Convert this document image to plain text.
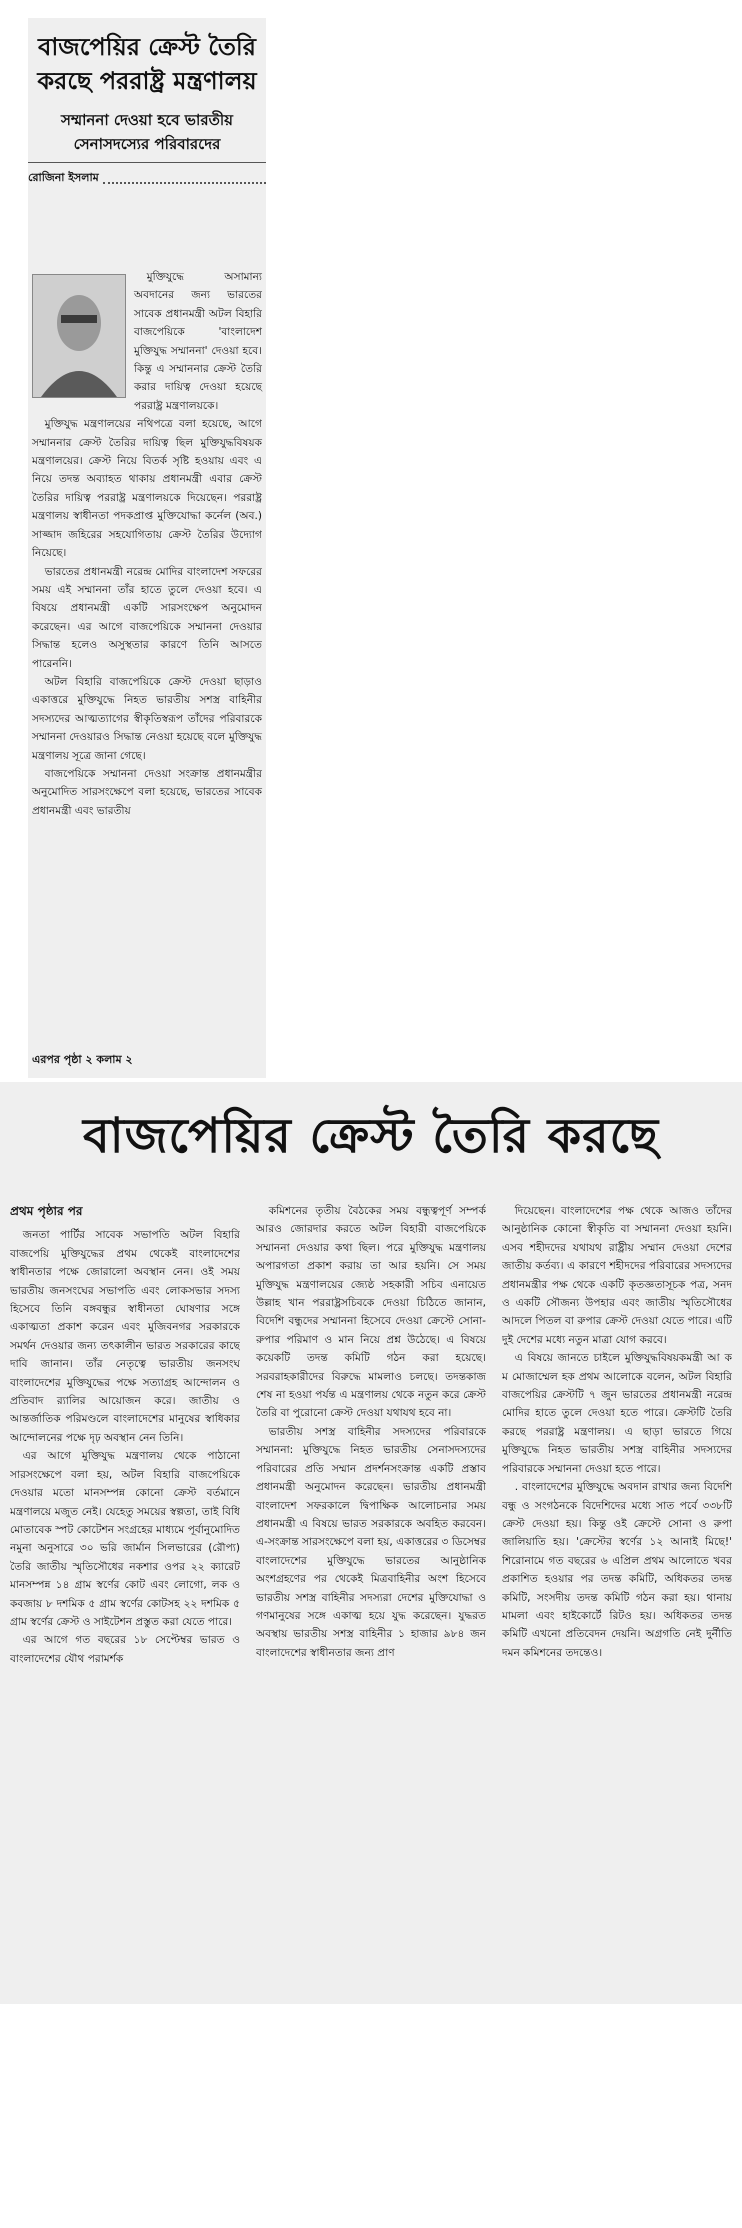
বাজপেয়ির ক্রেস্ট তৈরি করছে পররাষ্ট্র মন্ত্রণালয়
সম্মাননা দেওয়া হবে ভারতীয় সেনাসদস্যের পরিবারদের
রোজিনা ইসলাম

মুক্তিযুদ্ধে অসামান্য অবদানের জন্য ভারতের সাবেক প্রধানমন্ত্রী অটল বিহারি বাজপেয়িকে 'বাংলাদেশ মুক্তিযুদ্ধ সম্মাননা' দেওয়া হবে। কিন্তু এ সম্মাননার ক্রেস্ট তৈরি করার দায়িত্ব দেওয়া হয়েছে পররাষ্ট্র মন্ত্রণালয়কে।

মুক্তিযুদ্ধ মন্ত্রণালয়ের নথিপত্রে বলা হয়েছে, আগে সম্মাননার ক্রেস্ট তৈরির দায়িত্ব ছিল মুক্তিযুদ্ধবিষয়ক মন্ত্রণালয়ের। ক্রেস্ট নিয়ে বিতর্ক সৃষ্টি হওয়ায় এবং এ নিয়ে তদন্ত অব্যাহত থাকায় প্রধানমন্ত্রী এবার ক্রেস্ট তৈরির দায়িত্ব পররাষ্ট্র মন্ত্রণালয়কে দিয়েছেন। পররাষ্ট্র মন্ত্রণালয় স্বাধীনতা পদকপ্রাপ্ত মুক্তিযোদ্ধা কর্নেল (অব.) সাজ্জাদ জহিরের সহযোগিতায় ক্রেস্ট তৈরির উদ্যোগ নিয়েছে।

ভারতের প্রধানমন্ত্রী নরেন্দ্র মোদির বাংলাদেশ সফরের সময় এই সম্মাননা তাঁর হাতে তুলে দেওয়া হবে। এ বিষয়ে প্রধানমন্ত্রী একটি সারসংক্ষেপ অনুমোদন করেছেন। এর আগে বাজপেয়িকে সম্মাননা দেওয়ার সিদ্ধান্ত হলেও অসুস্থতার কারণে তিনি আসতে পারেননি।

অটল বিহারি বাজপেয়িকে ক্রেস্ট দেওয়া ছাড়াও একাত্তরে মুক্তিযুদ্ধে নিহত ভারতীয় সশস্ত্র বাহিনীর সদস্যদের আত্মত্যাগের স্বীকৃতিস্বরূপ তাঁদের পরিবারকে সম্মাননা দেওয়ারও সিদ্ধান্ত নেওয়া হয়েছে বলে মুক্তিযুদ্ধ মন্ত্রণালয় সূত্রে জানা গেছে।

বাজপেয়িকে সম্মাননা দেওয়া সংক্রান্ত প্রধানমন্ত্রীর অনুমোদিত সারসংক্ষেপে বলা হয়েছে, ভারতের সাবেক প্রধানমন্ত্রী এবং ভারতীয়

এরপর পৃষ্ঠা ২ কলাম ২
বাজপেয়ির ক্রেস্ট তৈরি করছে
প্রথম পৃষ্ঠার পর

জনতা পার্টির সাবেক সভাপতি অটল বিহারি বাজপেয়ি মুক্তিযুদ্ধের প্রথম থেকেই বাংলাদেশের স্বাধীনতার পক্ষে জোরালো অবস্থান নেন। ওই সময় ভারতীয় জনসংঘের সভাপতি এবং লোকসভার সদস্য হিসেবে তিনি বঙ্গবন্ধুর স্বাধীনতা ঘোষণার সঙ্গে একাত্মতা প্রকাশ করেন এবং মুজিবনগর সরকারকে সমর্থন দেওয়ার জন্য তৎকালীন ভারত সরকারের কাছে দাবি জানান। তাঁর নেতৃত্বে ভারতীয় জনসংঘ বাংলাদেশের মুক্তিযুদ্ধের পক্ষে সত্যাগ্রহ আন্দোলন ও প্রতিবাদ র‍্যালির আয়োজন করে। জাতীয় ও আন্তর্জাতিক পরিমণ্ডলে বাংলাদেশের মানুষের স্বাধিকার আন্দোলনের পক্ষে দৃঢ় অবস্থান নেন তিনি।

এর আগে মুক্তিযুদ্ধ মন্ত্রণালয় থেকে পাঠানো সারসংক্ষেপে বলা হয়, অটল বিহারি বাজপেয়িকে দেওয়ার মতো মানসম্পন্ন কোনো ক্রেস্ট বর্তমানে মন্ত্রণালয়ে মজুত নেই। যেহেতু সময়ের স্বল্পতা, তাই বিধি মোতাবেক স্পট কোটেশন সংগ্রহের মাধ্যমে পূর্বানুমোদিত নমুনা অনুসারে ৩০ ভরি জার্মান সিলভারের (রৌপ্য) তৈরি জাতীয় স্মৃতিসৌধের নকশার ওপর ২২ ক্যারেট মানসম্পন্ন ১৪ গ্রাম স্বর্ণের কোট এবং লোগো, লক ও কবজায় ৮ দশমিক ৫ গ্রাম স্বর্ণের কোটসহ ২২ দশমিক ৫ গ্রাম স্বর্ণের ক্রেস্ট ও সাইটেশন প্রস্তুত করা যেতে পারে।

এর আগে গত বছরের ১৮ সেপ্টেম্বর ভারত ও বাংলাদেশের যৌথ পরামর্শক

কমিশনের তৃতীয় বৈঠকের সময় বন্ধুত্বপূর্ণ সম্পর্ক আরও জোরদার করতে অটল বিহারী বাজপেয়িকে সম্মাননা দেওয়ার কথা ছিল। পরে মুক্তিযুদ্ধ মন্ত্রণালয় অপারগতা প্রকাশ করায় তা আর হয়নি। সে সময় মুক্তিযুদ্ধ মন্ত্রণালয়ের জ্যেষ্ঠ সহকারী সচিব এনায়েত উল্লাহ খান পররাষ্ট্রসচিবকে দেওয়া চিঠিতে জানান, বিদেশি বন্ধুদের সম্মাননা হিসেবে দেওয়া ক্রেস্টে সোনা-রুপার পরিমাণ ও মান নিয়ে প্রশ্ন উঠেছে। এ বিষয়ে কয়েকটি তদন্ত কমিটি গঠন করা হয়েছে। সরবরাহকারীদের বিরুদ্ধে মামলাও চলছে। তদন্তকাজ শেষ না হওয়া পর্যন্ত এ মন্ত্রণালয় থেকে নতুন করে ক্রেস্ট তৈরি বা পুরোনো ক্রেস্ট দেওয়া যথাযথ হবে না।

ভারতীয় সশস্ত্র বাহিনীর সদস্যদের পরিবারকে সম্মাননা: মুক্তিযুদ্ধে নিহত ভারতীয় সেনাসদস্যদের পরিবারের প্রতি সম্মান প্রদর্শনসংক্রান্ত একটি প্রস্তাব প্রধানমন্ত্রী অনুমোদন করেছেন। ভারতীয় প্রধানমন্ত্রী বাংলাদেশ সফরকালে দ্বিপাক্ষিক আলোচনার সময় প্রধানমন্ত্রী এ বিষয়ে ভারত সরকারকে অবহিত করবেন। এ-সংক্রান্ত সারসংক্ষেপে বলা হয়, একাত্তরের ৩ ডিসেম্বর বাংলাদেশের মুক্তিযুদ্ধে ভারতের আনুষ্ঠানিক অংশগ্রহণের পর থেকেই মিত্রবাহিনীর অংশ হিসেবে ভারতীয় সশস্ত্র বাহিনীর সদস্যরা দেশের মুক্তিযোদ্ধা ও গণমানুষের সঙ্গে একাত্ম হয়ে যুদ্ধ করেছেন। যুদ্ধরত অবস্থায় ভারতীয় সশস্ত্র বাহিনীর ১ হাজার ৯৮৪ জন বাংলাদেশের স্বাধীনতার জন্য প্রাণ

দিয়েছেন। বাংলাদেশের পক্ষ থেকে আজও তাঁদের আনুষ্ঠানিক কোনো স্বীকৃতি বা সম্মাননা দেওয়া হয়নি। এসব শহীদদের যথাযথ রাষ্ট্রীয় সম্মান দেওয়া দেশের জাতীয় কর্তব্য। এ কারণে শহীদদের পরিবারের সদস্যদের প্রধানমন্ত্রীর পক্ষ থেকে একটি কৃতজ্ঞতাসূচক পত্র, সনদ ও একটি সৌজন্য উপহার এবং জাতীয় স্মৃতিসৌধের আদলে পিতল বা রুপার ক্রেস্ট দেওয়া যেতে পারে। এটি দুই দেশের মধ্যে নতুন মাত্রা যোগ করবে।

এ বিষয়ে জানতে চাইলে মুক্তিযুদ্ধবিষয়কমন্ত্রী আ ক ম মোজাম্মেল হক প্রথম আলোকে বলেন, অটল বিহারি বাজপেয়ির ক্রেস্টটি ৭ জুন ভারতের প্রধানমন্ত্রী নরেন্দ্র মোদির হাতে তুলে দেওয়া হতে পারে। ক্রেস্টটি তৈরি করছে পররাষ্ট্র মন্ত্রণালয়। এ ছাড়া ভারতে গিয়ে মুক্তিযুদ্ধে নিহত ভারতীয় সশস্ত্র বাহিনীর সদস্যদের পরিবারকে সম্মাননা দেওয়া হতে পারে।

. বাংলাদেশের মুক্তিযুদ্ধে অবদান রাখার জন্য বিদেশি বন্ধু ও সংগঠনকে বিদেশিদের মধ্যে সাত পর্বে ৩৩৮টি ক্রেস্ট দেওয়া হয়। কিন্তু ওই ক্রেস্টে সোনা ও রুপা জালিয়াতি হয়। 'ক্রেস্টের স্বর্ণের ১২ আনাই মিছে!' শিরোনামে গত বছরের ৬ এপ্রিল প্রথম আলোতে খবর প্রকাশিত হওয়ার পর তদন্ত কমিটি, অধিকতর তদন্ত কমিটি, সংসদীয় তদন্ত কমিটি গঠন করা হয়। থানায় মামলা এবং হাইকোর্টে রিটও হয়। অধিকতর তদন্ত কমিটি এখনো প্রতিবেদন দেয়নি। অগ্রগতি নেই দুর্নীতি দমন কমিশনের তদন্তেও।
